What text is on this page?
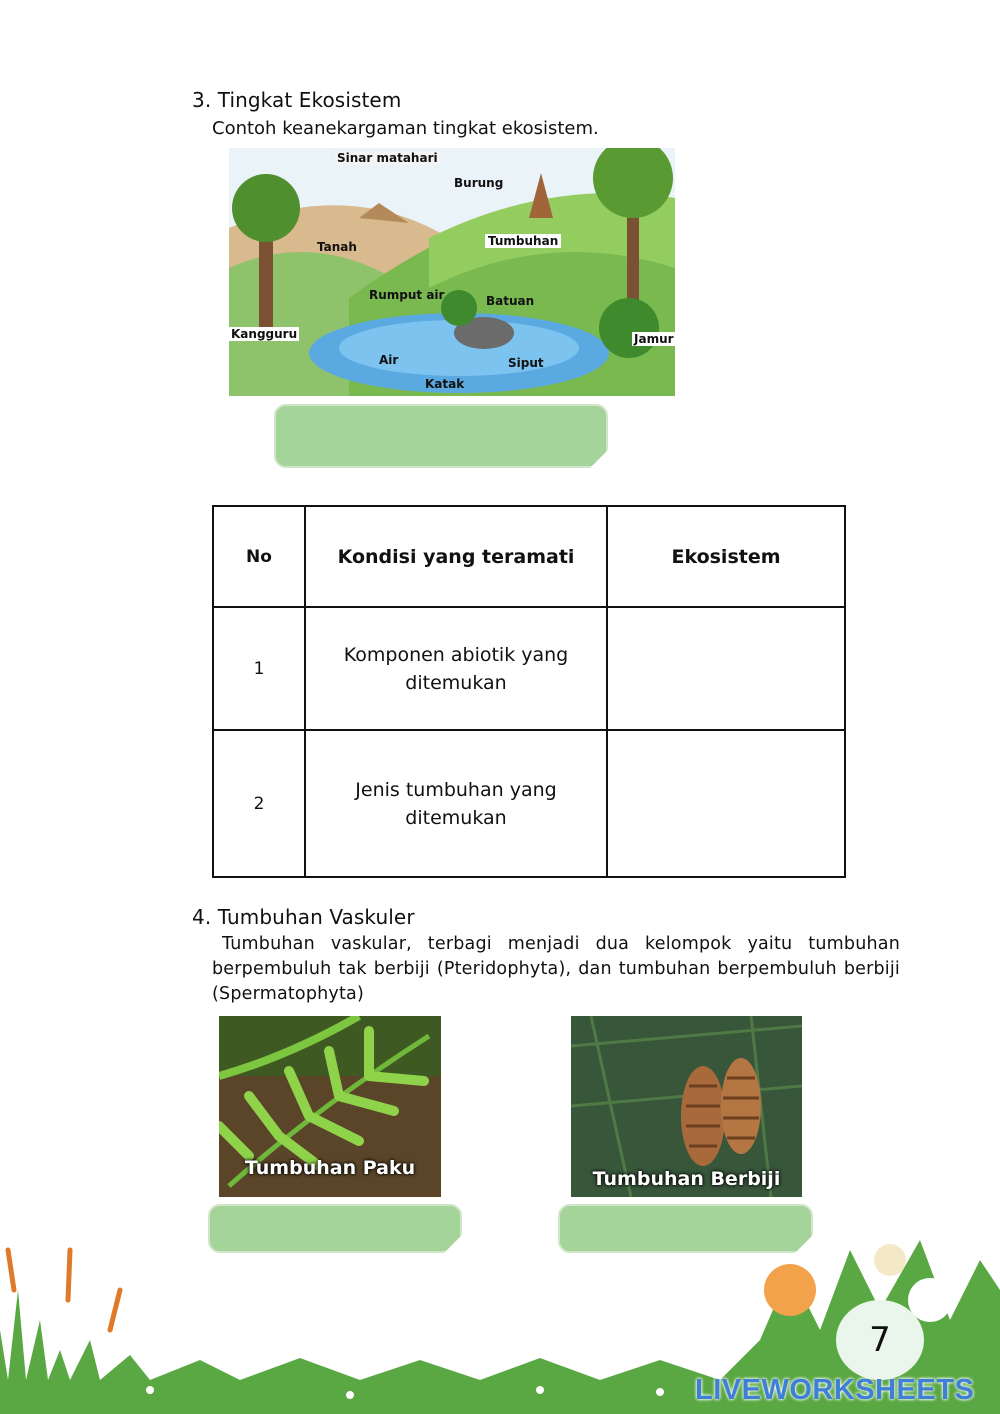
3. Tingkat Ekosistem
Contoh keanekargaman tingkat ekosistem.
Sinar matahari
Burung
Tumbuhan
Tanah
Rumput air	Batuan
Kangguru	Jamur
Air	Siput
Katak
No	Kondisi yang teramati	Ekosistem
1	Komponen abiotik yang ditemukan	
2	Jenis tumbuhan yang ditemukan	
4. Tumbuhan Vaskuler
Tumbuhan vaskular, terbagi menjadi dua kelompok yaitu tumbuhan berpembuluh tak berbiji (Pteridophyta), dan tumbuhan berpembuluh berbiji (Spermatophyta)
Tumbuhan Paku	Tumbuhan Berbiji
7
LIVEWORKSHEETS
